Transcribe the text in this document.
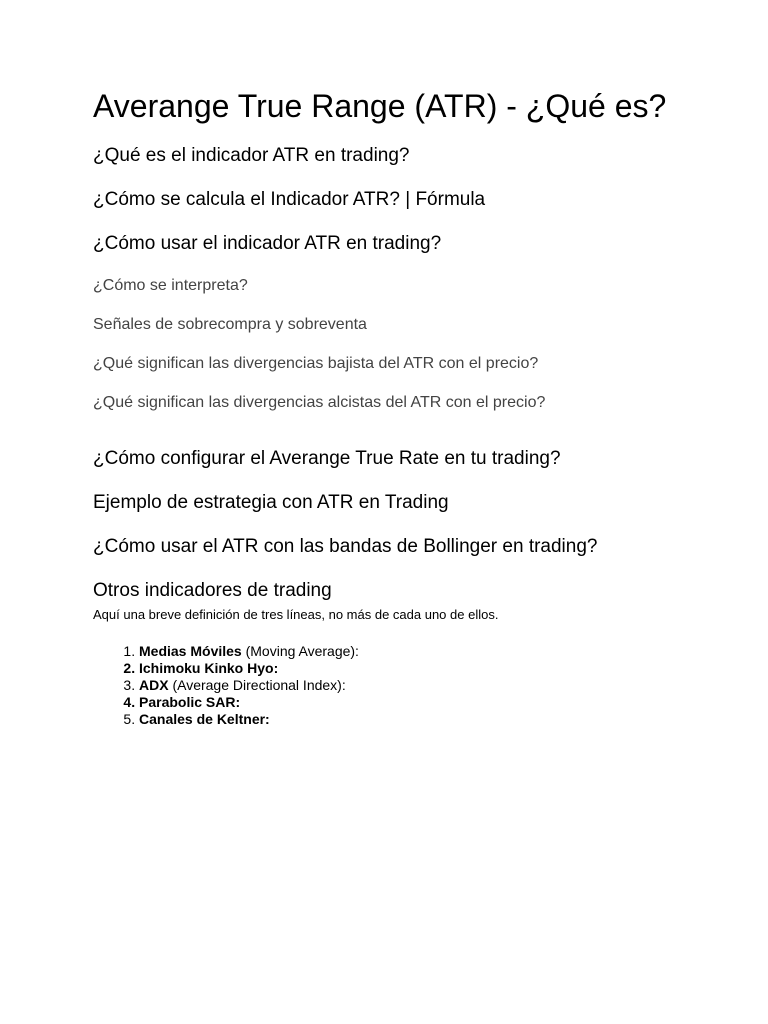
Averange True Range (ATR) - ¿Qué es?
¿Qué es el indicador ATR en trading?
¿Cómo se calcula el Indicador ATR? | Fórmula
¿Cómo usar el indicador ATR en trading?
¿Cómo se interpreta?
Señales de sobrecompra y sobreventa
¿Qué significan las divergencias bajista del ATR con el precio?
¿Qué significan las divergencias alcistas del ATR con el precio?
¿Cómo configurar el Averange True Rate en tu trading?
Ejemplo de estrategia con ATR en Trading
¿Cómo usar el ATR con las bandas de Bollinger en trading?
Otros indicadores de trading

Aquí una breve definición de tres líneas, no más de cada uno de ellos.

1. Medias Móviles (Moving Average):
2. Ichimoku Kinko Hyo:
3. ADX (Average Directional Index):
4. Parabolic SAR:
5. Canales de Keltner:
